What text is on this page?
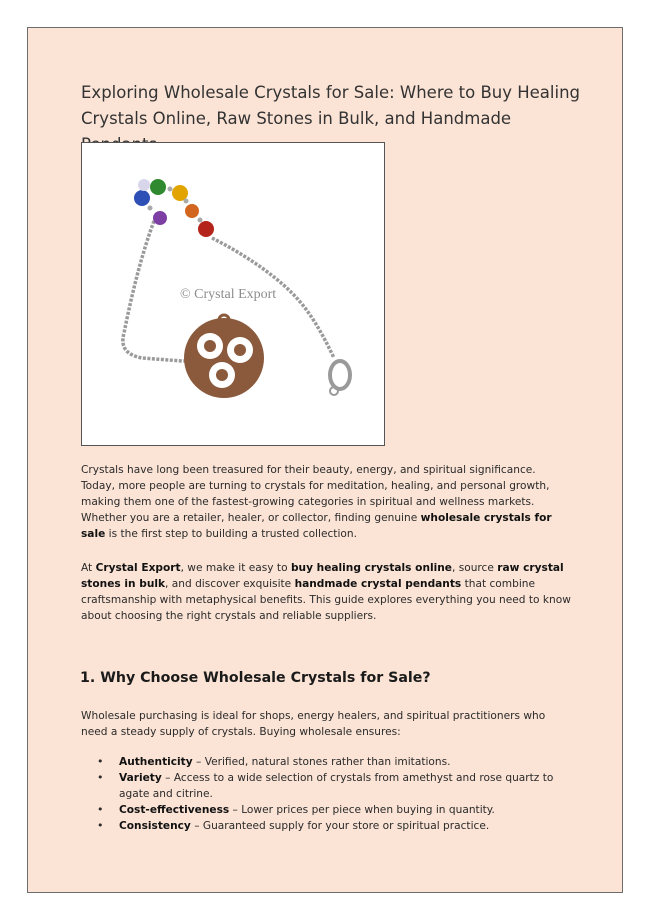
Exploring Wholesale Crystals for Sale: Where to Buy Healing Crystals Online, Raw Stones in Bulk, and Handmade
© Crystal Export

Crystals have long been treasured for their beauty, energy, and spiritual significance. Today, more people are turning to crystals for meditation, healing, and personal growth, making them one of the fastest-growing categories in spiritual and wellness markets. Whether you are a retailer, healer, or collector, finding genuine wholesale crystals for sale is the first step to building a trusted collection.

At Crystal Export, we make it easy to buy healing crystals online, source raw crystal stones in bulk, and discover exquisite handmade crystal pendants that combine craftsmanship with metaphysical benefits. This guide explores everything you need to know about choosing the right crystals and reliable suppliers.

1. Why Choose Wholesale Crystals for Sale?

Wholesale purchasing is ideal for shops, energy healers, and spiritual practitioners who need a steady supply of crystals. Buying wholesale ensures:

• Authenticity – Verified, natural stones rather than imitations.
• Variety – Access to a wide selection of crystals from amethyst and rose quartz to agate and citrine.
• Cost-effectiveness – Lower prices per piece when buying in quantity.
• Consistency – Guaranteed supply for your store or spiritual practice.
